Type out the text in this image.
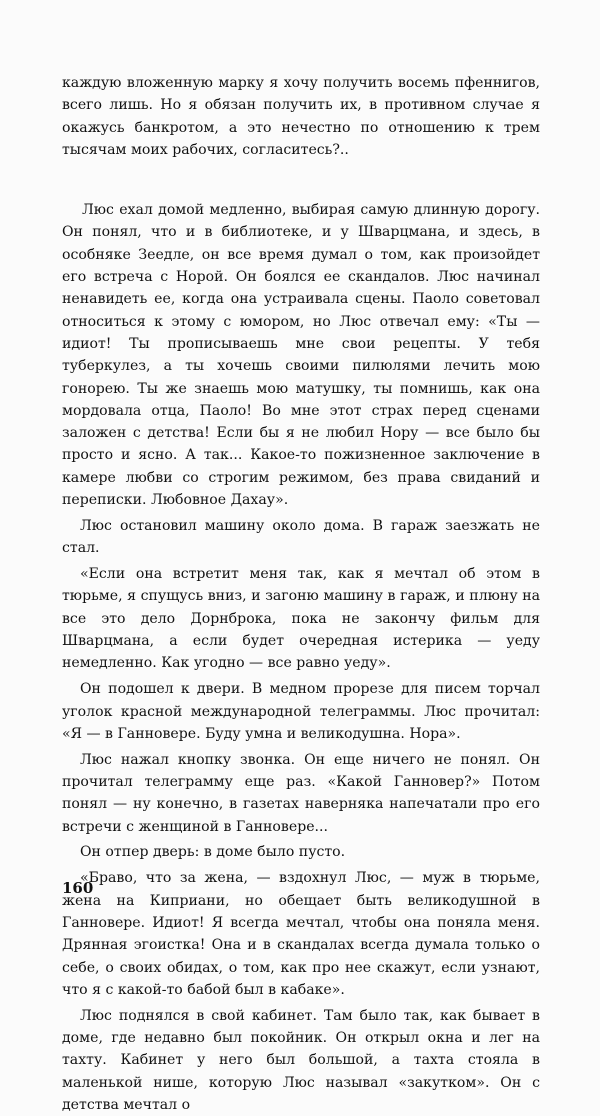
каждую вложенную марку я хочу получить восемь пфеннигов, всего лишь. Но я обязан получить их, в противном случае я окажусь банкротом, а это нечестно по отношению к трем тысячам моих рабочих, согласитесь?..

Люс ехал домой медленно, выбирая самую длинную дорогу. Он понял, что и в библиотеке, и у Шварцмана, и здесь, в особняке Зеедле, он все время думал о том, как произойдет его встреча с Норой. Он боялся ее скандалов. Люс начинал ненавидеть ее, когда она устраивала сцены. Паоло советовал относиться к этому с юмором, но Люс отвечал ему: «Ты — идиот! Ты прописываешь мне свои рецепты. У тебя туберкулез, а ты хочешь своими пилюлями лечить мою гонорею. Ты же знаешь мою матушку, ты помнишь, как она мордовала отца, Паоло! Во мне этот страх перед сценами заложен с детства! Если бы я не любил Нору — все было бы просто и ясно. А так... Какое-то пожизненное заключение в камере любви со строгим режимом, без права свиданий и переписки. Любовное Дахау».

Люс остановил машину около дома. В гараж заезжать не стал.

«Если она встретит меня так, как я мечтал об этом в тюрьме, я спущусь вниз, и загоню машину в гараж, и плюну на все это дело Дорнброка, пока не закончу фильм для Шварцмана, а если будет очередная истерика — уеду немедленно. Как угодно — все равно уеду».

Он подошел к двери. В медном прорезе для писем торчал уголок красной международной телеграммы. Люс прочитал: «Я — в Ганновере. Буду умна и великодушна. Нора».

Люс нажал кнопку звонка. Он еще ничего не понял. Он прочитал телеграмму еще раз. «Какой Ганновер?» Потом понял — ну конечно, в газетах наверняка напечатали про его встречи с женщиной в Ганновере...

Он отпер дверь: в доме было пусто.

«Браво, что за жена, — вздохнул Люс, — муж в тюрьме, жена на Киприани, но обещает быть великодушной в Ганновере. Идиот! Я всегда мечтал, чтобы она поняла меня. Дрянная эгоистка! Она и в скандалах всегда думала только о себе, о своих обидах, о том, как про нее скажут, если узнают, что я с какой-то бабой был в кабаке».

Люс поднялся в свой кабинет. Там было так, как бывает в доме, где недавно был покойник. Он открыл окна и лег на тахту. Кабинет у него был большой, а тахта стояла в маленькой нише, которую Люс называл «закутком». Он с детства мечтал о

160
